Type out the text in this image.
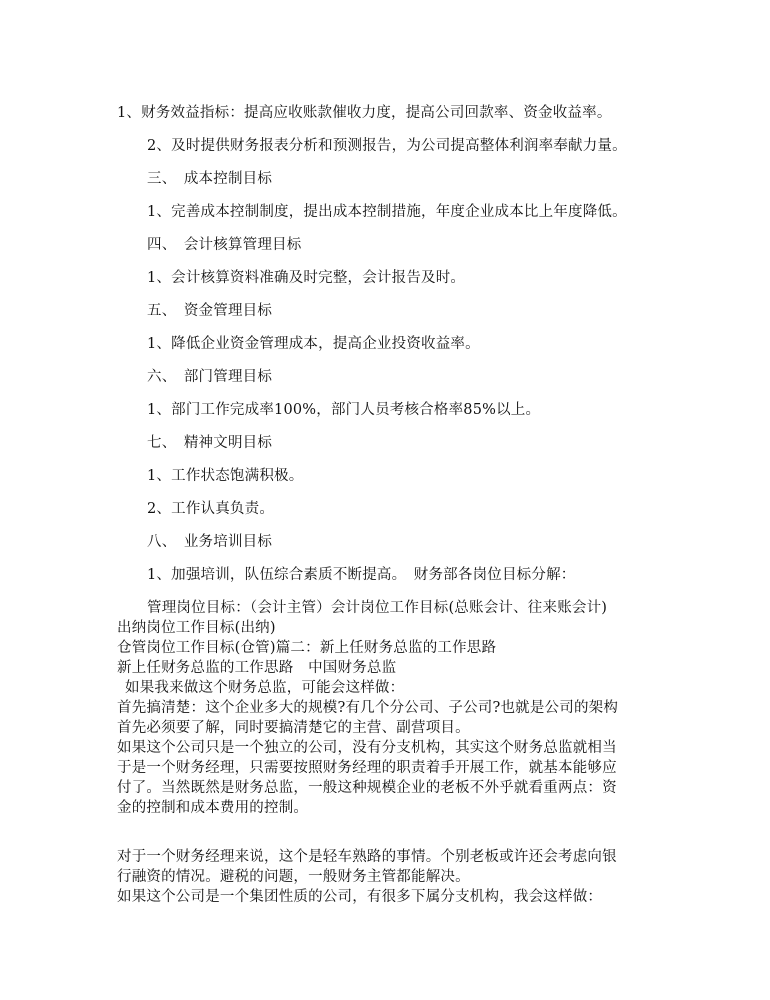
1、财务效益指标：提高应收账款催收力度，提高公司回款率、资金收益率。
2、及时提供财务报表分析和预测报告，为公司提高整体利润率奉献力量。
三、　成本控制目标
1、完善成本控制制度，提出成本控制措施，年度企业成本比上年度降低。
四、　会计核算管理目标
1、会计核算资料准确及时完整，会计报告及时。
五、　资金管理目标
1、降低企业资金管理成本，提高企业投资收益率。
六、　部门管理目标
1、部门工作完成率100%，部门人员考核合格率85%以上。
七、　精神文明目标
1、工作状态饱满积极。
2、工作认真负责。
八、　业务培训目标
1、加强培训，队伍综合素质不断提高。　财务部各岗位目标分解：
管理岗位目标：（会计主管）会计岗位工作目标(总账会计、往来账会计)
出纳岗位工作目标(出纳)
仓管岗位工作目标(仓管)篇二：新上任财务总监的工作思路
新上任财务总监的工作思路　中国财务总监
如果我来做这个财务总监，可能会这样做：
首先搞清楚：这个企业多大的规模?有几个分公司、子公司?也就是公司的架构
首先必须要了解，同时要搞清楚它的主营、副营项目。
如果这个公司只是一个独立的公司，没有分支机构，其实这个财务总监就相当
于是一个财务经理，只需要按照财务经理的职责着手开展工作，就基本能够应
付了。当然既然是财务总监，一般这种规模企业的老板不外乎就看重两点：资
金的控制和成本费用的控制。
对于一个财务经理来说，这个是轻车熟路的事情。个别老板或许还会考虑向银
行融资的情况。避税的问题，一般财务主管都能解决。
如果这个公司是一个集团性质的公司，有很多下属分支机构，我会这样做：
